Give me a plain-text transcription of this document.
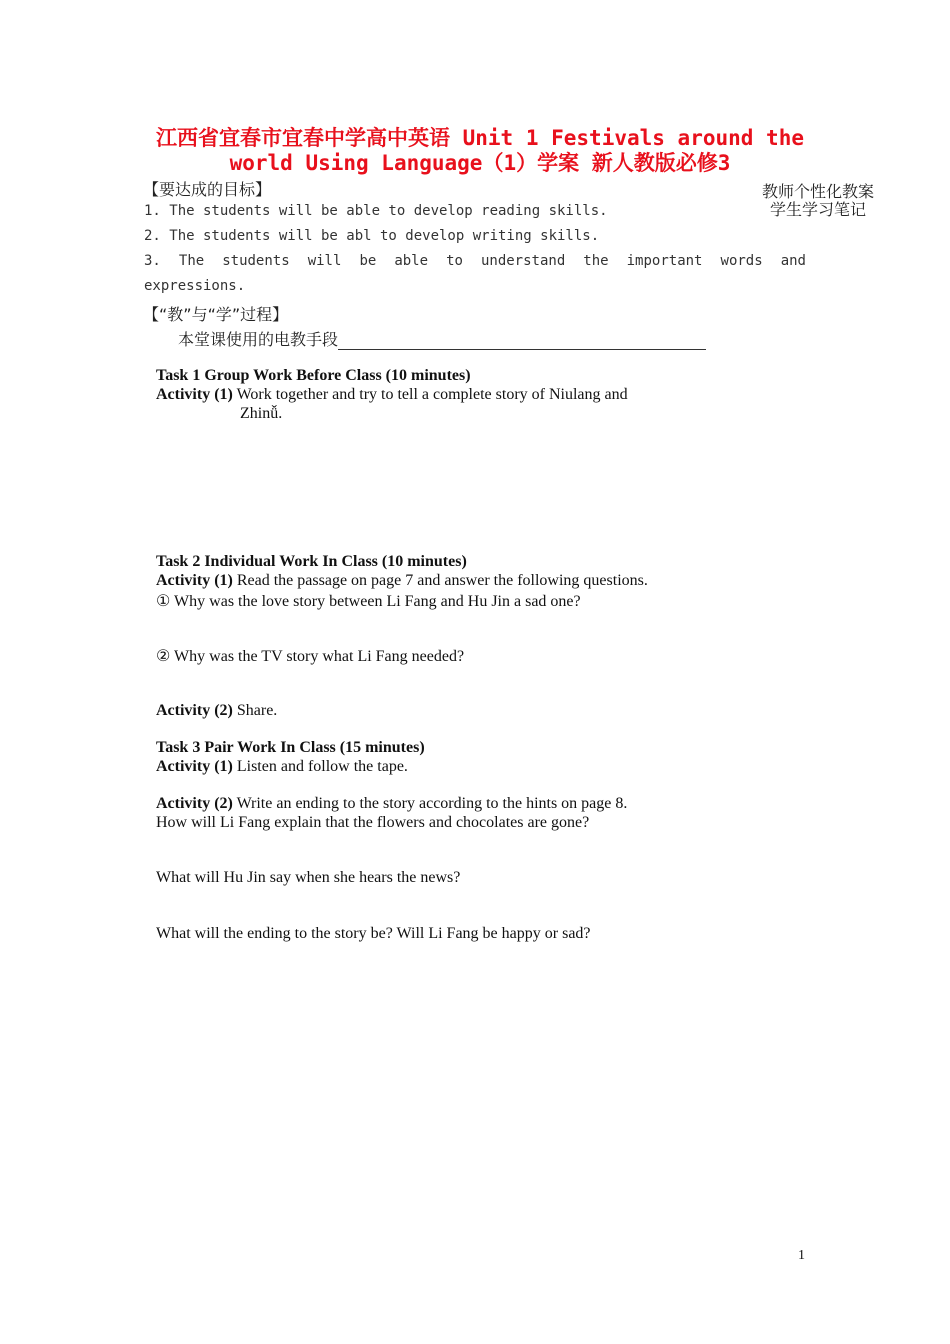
江西省宜春市宜春中学高中英语 Unit 1 Festivals around the
world Using Language（1）学案 新人教版必修3
教师个性化教案
学生学习笔记
【要达成的目标】
1. The students will be able to develop reading skills.
2. The students will be abl to develop writing skills.
3. The students will be able to understand the important words and
expressions.
【“教”与“学”过程】
本堂课使用的电教手段
Task 1 Group Work Before Class (10 minutes)
Activity (1) Work together and try to tell a complete story of Niulang and
Zhinǚ.
Task 2 Individual Work In Class (10 minutes)
Activity (1) Read the passage on page 7 and answer the following questions.
① Why was the love story between Li Fang and Hu Jin a sad one?
② Why was the TV story what Li Fang needed?
Activity (2) Share.
Task 3 Pair Work In Class (15 minutes)
Activity (1) Listen and follow the tape.
Activity (2) Write an ending to the story according to the hints on page 8.
How will Li Fang explain that the flowers and chocolates are gone?
What will Hu Jin say when she hears the news?
What will the ending to the story be? Will Li Fang be happy or sad?
1
